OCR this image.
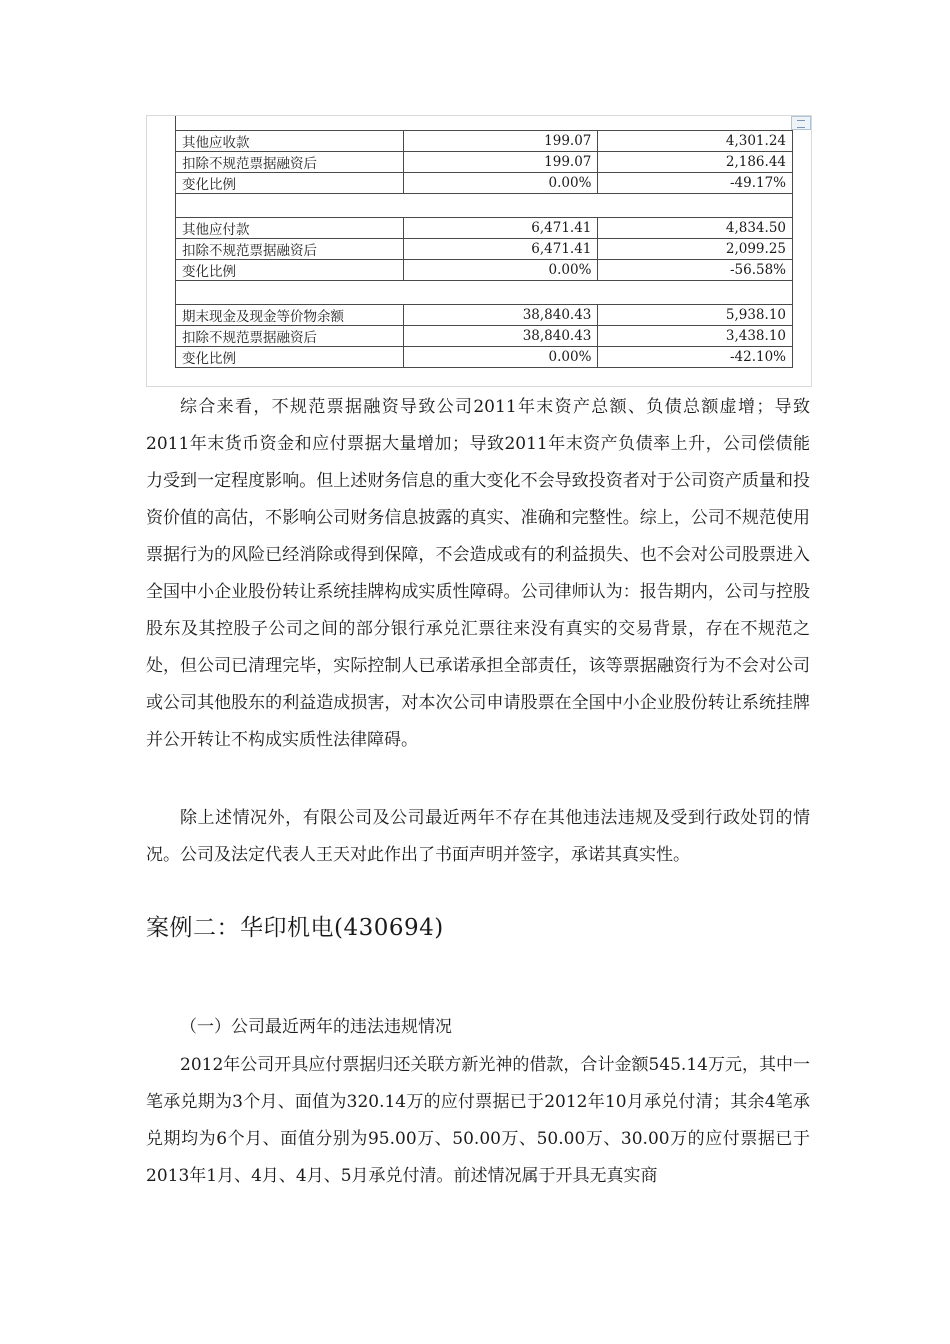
其他应收款	199.07	4,301.24
扣除不规范票据融资后	199.07	2,186.44
变化比例	0.00%	-49.17%

其他应付款	6,471.41	4,834.50
扣除不规范票据融资后	6,471.41	2,099.25
变化比例	0.00%	-56.58%

期末现金及现金等价物余额	38,840.43	5,938.10
扣除不规范票据融资后	38,840.43	3,438.10
变化比例	0.00%	-42.10%

综合来看，不规范票据融资导致公司2011年末资产总额、负债总额虚增；导致2011年末货币资金和应付票据大量增加；导致2011年末资产负债率上升，公司偿债能力受到一定程度影响。但上述财务信息的重大变化不会导致投资者对于公司资产质量和投资价值的高估，不影响公司财务信息披露的真实、准确和完整性。综上，公司不规范使用票据行为的风险已经消除或得到保障，不会造成或有的利益损失、也不会对公司股票进入全国中小企业股份转让系统挂牌构成实质性障碍。公司律师认为：报告期内，公司与控股股东及其控股子公司之间的部分银行承兑汇票往来没有真实的交易背景，存在不规范之处，但公司已清理完毕，实际控制人已承诺承担全部责任，该等票据融资行为不会对公司或公司其他股东的利益造成损害，对本次公司申请股票在全国中小企业股份转让系统挂牌并公开转让不构成实质性法律障碍。

除上述情况外，有限公司及公司最近两年不存在其他违法违规及受到行政处罚的情况。公司及法定代表人王天对此作出了书面声明并签字，承诺其真实性。

案例二：华印机电(430694)
（一）公司最近两年的违法违规情况

2012年公司开具应付票据归还关联方新光神的借款，合计金额545.14万元，其中一笔承兑期为3个月、面值为320.14万的应付票据已于2012年10月承兑付清；其余4笔承兑期均为6个月、面值分别为95.00万、50.00万、50.00万、30.00万的应付票据已于2013年1月、4月、4月、5月承兑付清。前述情况属于开具无真实商
